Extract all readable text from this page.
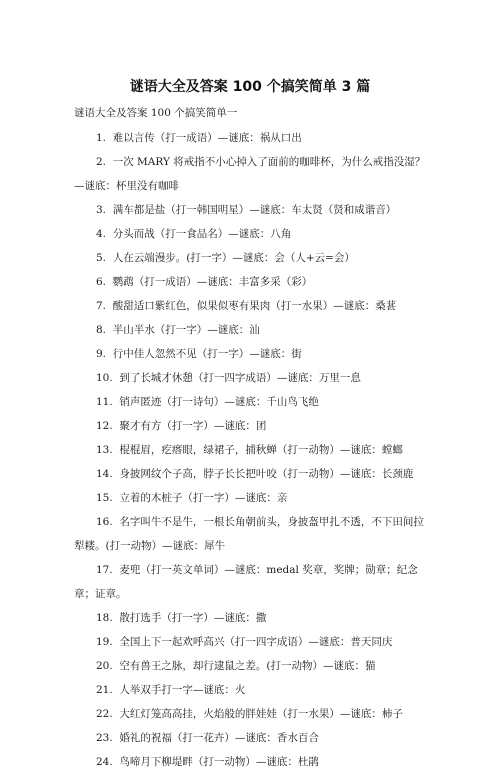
谜语大全及答案 100 个搞笑简单 3 篇
谜语大全及答案 100 个搞笑简单一
1. 难以言传（打一成语）—谜底：祸从口出
2. 一次 MARY 将戒指不小心掉入了面前的咖啡杯，为什么戒指没湿？—谜底：杯里没有咖啡
3. 满车都是盐（打一韩国明星）—谜底：车太贤（贤和咸谐音）
4. 分头而战（打一食品名）—谜底：八角
5. 人在云端漫步。(打一字）—谜底：会（人+云=会）
6. 鹦鹉（打一成语）—谜底：丰富多采（彩）
7. 酸甜适口紫红色，似果似枣有果肉（打一水果）—谜底：桑葚
8. 半山半水（打一字）—谜底：汕
9. 行中佳人忽然不见（打一字）—谜底：街
10. 到了长城才休憩（打一四字成语）—谜底：万里一息
11. 销声匿迹（打一诗句）—谜底：千山鸟飞绝
12. 聚才有方（打一字）—谜底：团
13. 棍棍眉，疙瘩眼，绿裙子，捕秋蝉（打一动物）—谜底：螳螂
14. 身披网纹个子高，脖子长长把叶咬（打一动物）—谜底：长颈鹿
15. 立着的木桩子（打一字）—谜底：亲
16. 名字叫牛不是牛，一根长角朝前头，身披盔甲扎不透，不下田间拉犁耧。(打一动物）—谜底：犀牛
17. 麦兜（打一英文单词）—谜底：medal 奖章，奖牌；勋章；纪念章；证章。
18. 散打选手（打一字）—谜底：撒
19. 全国上下一起欢呼高兴（打一四字成语）—谜底：普天同庆
20. 空有兽王之脉，却行逮鼠之差。(打一动物）—谜底：猫
21. 人举双手打一字—谜底：火
22. 大红灯笼高高挂，火焰般的胖娃娃（打一水果）—谜底：柿子
23. 婚礼的祝福（打一花卉）—谜底：香水百合
24. 鸟啼月下柳堤畔（打一动物）—谜底：杜鹃
